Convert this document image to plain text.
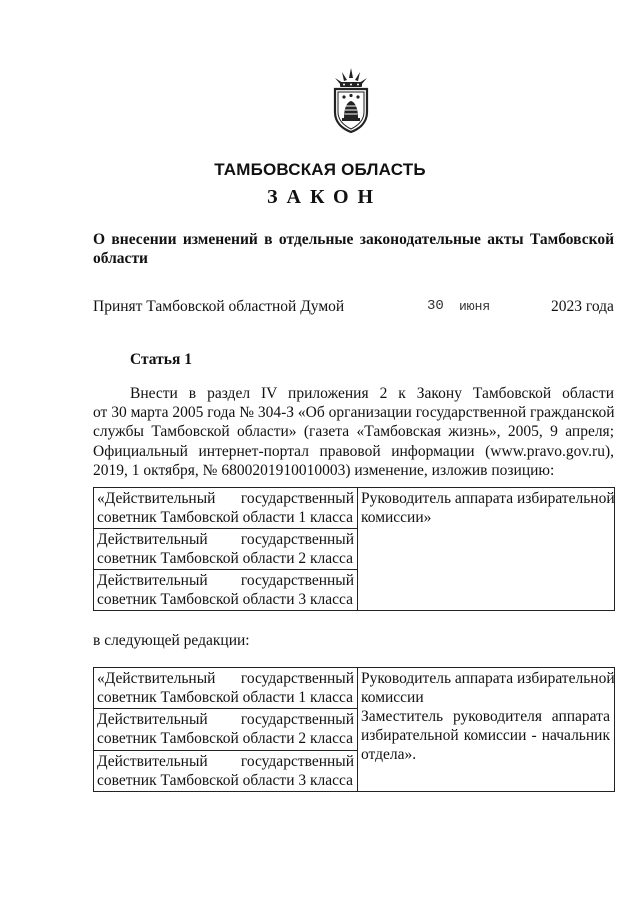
ТАМБОВСКАЯ ОБЛАСТЬ
ЗАКОН
О внесении изменений в отдельные законодательные акты Тамбовской области
Принят Тамбовской областной Думой	30 июня	2023 года
Статья 1
Внести в раздел IV приложения 2 к Закону Тамбовской области
от 30 марта 2005 года № 304-З «Об организации государственной гражданской
службы Тамбовской области» (газета «Тамбовская жизнь», 2005, 9 апреля;
Официальный интернет-портал правовой информации (www.pravo.gov.ru),
2019, 1 октября, № 6800201910010003) изменение, изложив позицию:
«Действительный государственный
советник Тамбовской области 1 класса
Действительный государственный
советник Тамбовской области 2 класса
Действительный государственный
советник Тамбовской области 3 класса
Руководитель аппарата избирательной
комиссии»
в следующей редакции:
«Действительный государственный
советник Тамбовской области 1 класса
Действительный государственный
советник Тамбовской области 2 класса
Действительный государственный
советник Тамбовской области 3 класса
Руководитель аппарата избирательной
комиссии
Заместитель руководителя аппарата
избирательной комиссии - начальник
отдела».
